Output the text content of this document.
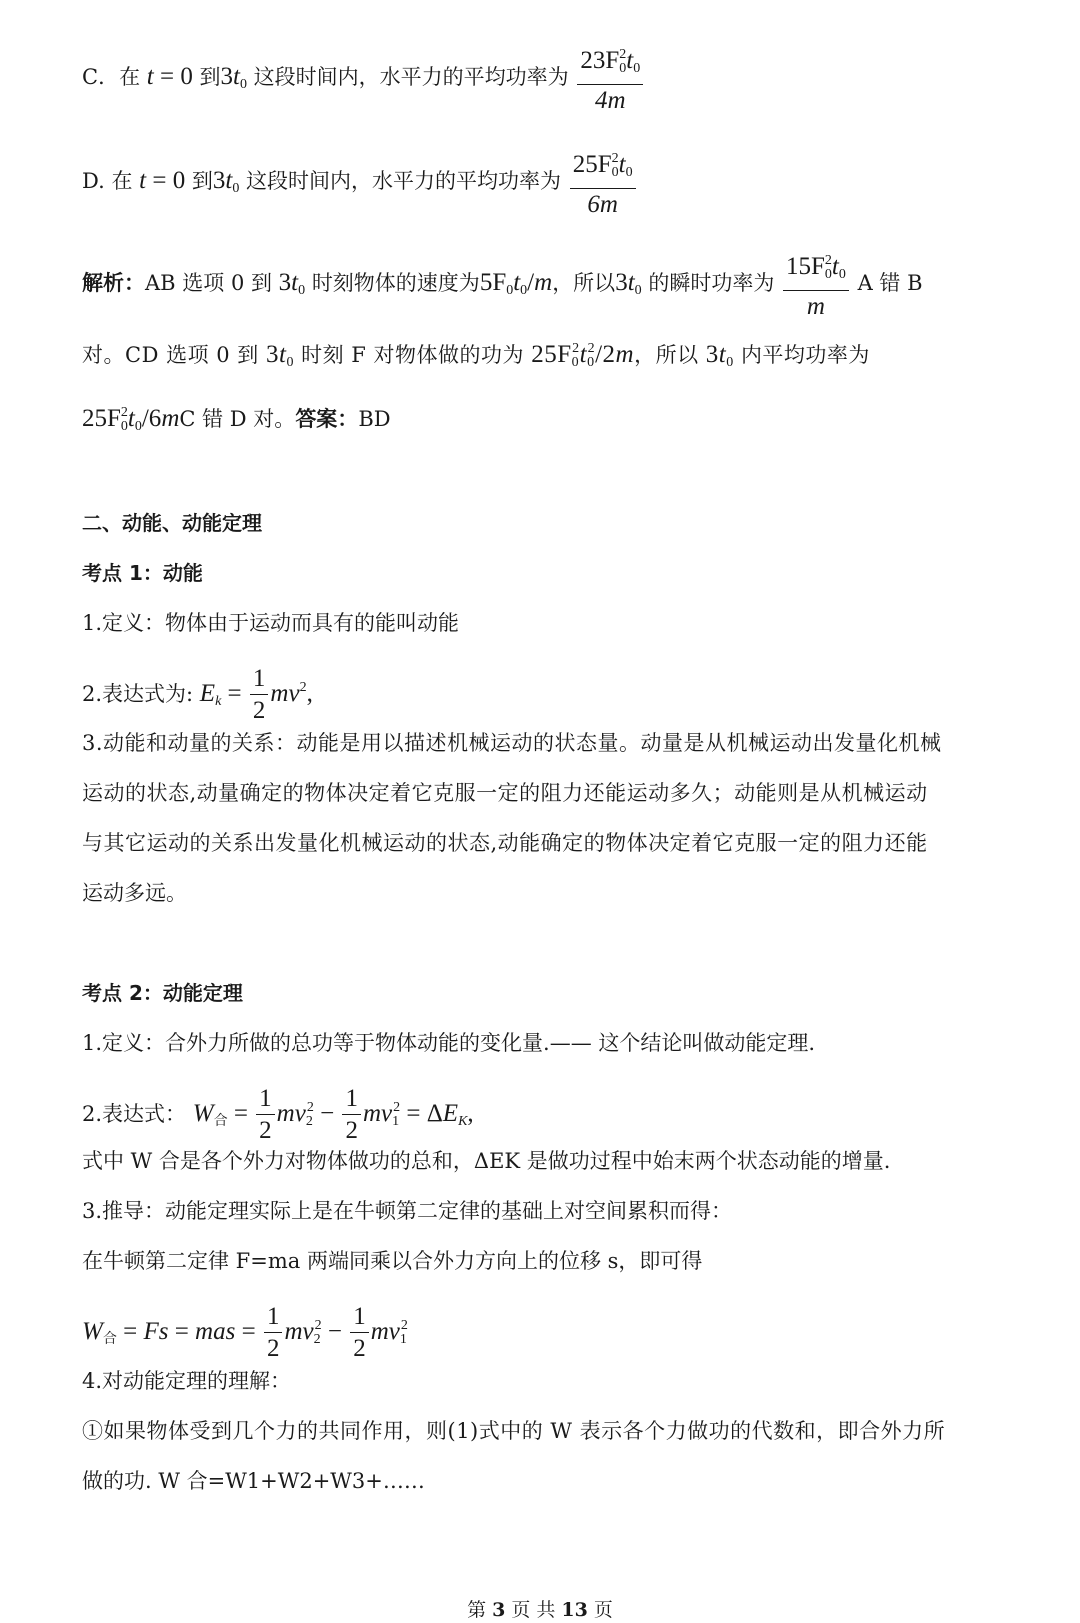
C．在 t = 0 到$3t_0$ 这段时间内，水平力的平均功率为 $\frac{23F_0^2t_0}{4m}$
D. 在 t = 0 到$3t_0$ 这段时间内，水平力的平均功率为 $\frac{25F_0^2t_0}{6m}$
解析：AB 选项 0 到 $3t_0$ 时刻物体的速度为$5F_0t_0/m$，所以$3t_0$ 的瞬时功率为 $\frac{15F_0^2t_0}{m}$ A 错 B
对。CD 选项 0 到 $3t_0$ 时刻 F 对物体做的功为 $25F_0^2t_0^2/2m$，所以 $3t_0$ 内平均功率为
$25F_0^2t_0/6mC$ 错 D 对。答案：BD
二、动能、动能定理
考点 1：动能
1.定义：物体由于运动而具有的能叫动能
2.表达式为: $E_k = \frac{1}{2} mv^2$,
3.动能和动量的关系：动能是用以描述机械运动的状态量。动量是从机械运动出发量化机械
运动的状态,动量确定的物体决定着它克服一定的阻力还能运动多久；动能则是从机械运动
与其它运动的关系出发量化机械运动的状态,动能确定的物体决定着它克服一定的阻力还能
运动多远。
考点 2：动能定理
1.定义：合外力所做的总功等于物体动能的变化量.—— 这个结论叫做动能定理.
2.表达式： $W_合 = \frac{1}{2} mv_2^2 - \frac{1}{2} mv_1^2 = \Delta E_K$,
式中 W 合是各个外力对物体做功的总和，ΔEK 是做功过程中始末两个状态动能的增量.
3.推导：动能定理实际上是在牛顿第二定律的基础上对空间累积而得：
在牛顿第二定律 F=ma 两端同乘以合外力方向上的位移 s，即可得
$W_合 = Fs$ = mas = $\frac{1}{2} mv_2^2 - \frac{1}{2} mv_1^2$
4.对动能定理的理解：
①如果物体受到几个力的共同作用，则(1)式中的 W 表示各个力做功的代数和，即合外力所
做的功. W 合=W1+W2+W3+……
第 3 页 共 13 页
